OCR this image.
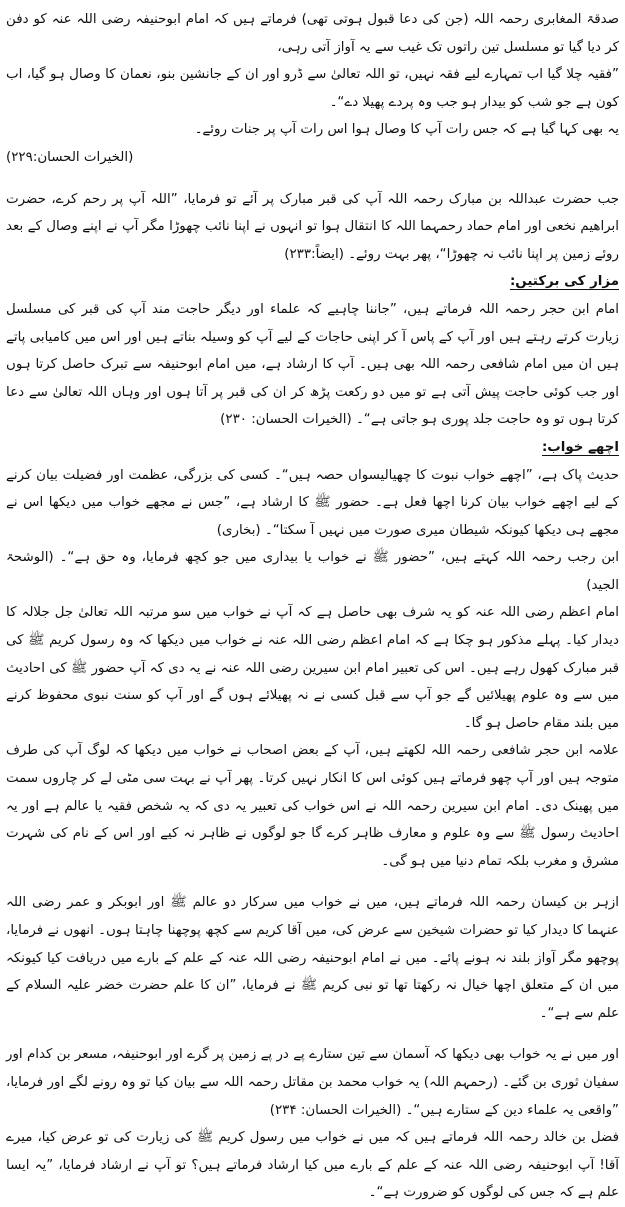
صدقۃ المغابری رحمہ اللہ (جن کی دعا قبول ہوتی تھی) فرماتے ہیں کہ امام ابوحنیفہ رضی اللہ عنہ کو دفن کر دیا گیا تو مسلسل تین راتوں تک غیب سے یہ آواز آتی رہی،

”فقیہ چلا گیا اب تمہارے لیے فقہ نہیں، تو اللہ تعالیٰ سے ڈرو اور ان کے جانشین بنو، نعمان کا وصال ہو گیا، اب کون ہے جو شب کو بیدار ہو جب وہ پردے پھیلا دے“۔

یہ بھی کہا گیا ہے کہ جس رات آپ کا وصال ہوا اس رات آپ پر جنات روئے۔

(الخیرات الحسان:۲۲۹)

جب حضرت عبداللہ بن مبارک رحمہ اللہ آپ کی قبر مبارک پر آئے تو فرمایا، ”اللہ آپ پر رحم کرے، حضرت ابراھیم نخعی اور امام حماد رحمہما اللہ کا انتقال ہوا تو انہوں نے اپنا نائب چھوڑا مگر آپ نے اپنے وصال کے بعد روئے زمین پر اپنا نائب نہ چھوڑا“، پھر بہت روئے۔ (ایضاً:۲۳۳)

مزار کی برکتیں:

امام ابن حجر رحمہ اللہ فرماتے ہیں، ”جاننا چاہیے کہ علماء اور دیگر حاجت مند آپ کی قبر کی مسلسل زیارت کرتے رہتے ہیں اور آپ کے پاس آ کر اپنی حاجات کے لیے آپ کو وسیلہ بناتے ہیں اور اس میں کامیابی پاتے ہیں ان میں امام شافعی رحمہ اللہ بھی ہیں۔ آپ کا ارشاد ہے، میں امام ابوحنیفہ سے تبرک حاصل کرتا ہوں اور جب کوئی حاجت پیش آتی ہے تو میں دو رکعت پڑھ کر ان کی قبر پر آتا ہوں اور وہاں اللہ تعالیٰ سے دعا کرتا ہوں تو وہ حاجت جلد پوری ہو جاتی ہے“۔ (الخیرات الحسان: ۲۳۰)

اچھے خواب:

حدیث پاک ہے، ”اچھے خواب نبوت کا چھیالیسواں حصہ ہیں“۔ کسی کی بزرگی، عظمت اور فضیلت بیان کرنے کے لیے اچھے خواب بیان کرنا اچھا فعل ہے۔ حضور ﷺ کا ارشاد ہے، ”جس نے مجھے خواب میں دیکھا اس نے مجھے ہی دیکھا کیونکہ شیطان میری صورت میں نہیں آ سکتا“۔ (بخاری)

ابن رجب رحمہ اللہ کہتے ہیں، ”حضور ﷺ نے خواب یا بیداری میں جو کچھ فرمایا، وہ حق ہے“۔ (الوشحۃ الجید)

امام اعظم رضی اللہ عنہ کو یہ شرف بھی حاصل ہے کہ آپ نے خواب میں سو مرتبہ اللہ تعالیٰ جل جلالہ کا دیدار کیا۔ پہلے مذکور ہو چکا ہے کہ امام اعظم رضی اللہ عنہ نے خواب میں دیکھا کہ وہ رسول کریم ﷺ کی قبر مبارک کھول رہے ہیں۔ اس کی تعبیر امام ابن سیرین رضی اللہ عنہ نے یہ دی کہ آپ حضور ﷺ کی احادیث میں سے وہ علوم پھیلائیں گے جو آپ سے قبل کسی نے نہ پھیلائے ہوں گے اور آپ کو سنت نبوی محفوظ کرنے میں بلند مقام حاصل ہو گا۔

علامہ ابن حجر شافعی رحمہ اللہ لکھتے ہیں، آپ کے بعض اصحاب نے خواب میں دیکھا کہ لوگ آپ کی طرف متوجہ ہیں اور آپ چھو فرماتے ہیں کوئی اس کا انکار نہیں کرتا۔ پھر آپ نے بہت سی مٹی لے کر چاروں سمت میں پھینک دی۔ امام ابن سیرین رحمہ اللہ نے اس خواب کی تعبیر یہ دی کہ یہ شخص فقیہ یا عالم ہے اور یہ احادیث رسول ﷺ سے وہ علوم و معارف ظاہر کرے گا جو لوگوں نے ظاہر نہ کیے اور اس کے نام کی شہرت مشرق و مغرب بلکہ تمام دنیا میں ہو گی۔

ازہر بن کیسان رحمہ اللہ فرماتے ہیں، میں نے خواب میں سرکار دو عالم ﷺ اور ابوبکر و عمر رضی اللہ عنہما کا دیدار کیا تو حضرات شیخین سے عرض کی، میں آقا کریم سے کچھ پوچھنا چاہتا ہوں۔ انھوں نے فرمایا، پوچھو مگر آواز بلند نہ ہونے پائے۔ میں نے امام ابوحنیفہ رضی اللہ عنہ کے علم کے بارے میں دریافت کیا کیونکہ میں ان کے متعلق اچھا خیال نہ رکھتا تھا تو نبی کریم ﷺ نے فرمایا، ”ان کا علم حضرت خضر علیہ السلام کے علم سے ہے“۔

اور میں نے یہ خواب بھی دیکھا کہ آسمان سے تین ستارے پے در پے زمین پر گرے اور ابوحنیفہ، مسعر بن کدام اور سفیان ثوری بن گئے۔ (رحمہم اللہ) یہ خواب محمد بن مقاتل رحمہ اللہ سے بیان کیا تو وہ رونے لگے اور فرمایا، ”واقعی یہ علماء دین کے ستارے ہیں“۔ (الخیرات الحسان: ۲۳۴)

فضل بن خالد رحمہ اللہ فرماتے ہیں کہ میں نے خواب میں رسول کریم ﷺ کی زیارت کی تو عرض کیا، میرے آقا! آپ ابوحنیفہ رضی اللہ عنہ کے علم کے بارے میں کیا ارشاد فرماتے ہیں؟ تو آپ نے ارشاد فرمایا، ”یہ ایسا علم ہے کہ جس کی لوگوں کو ضرورت ہے“۔
